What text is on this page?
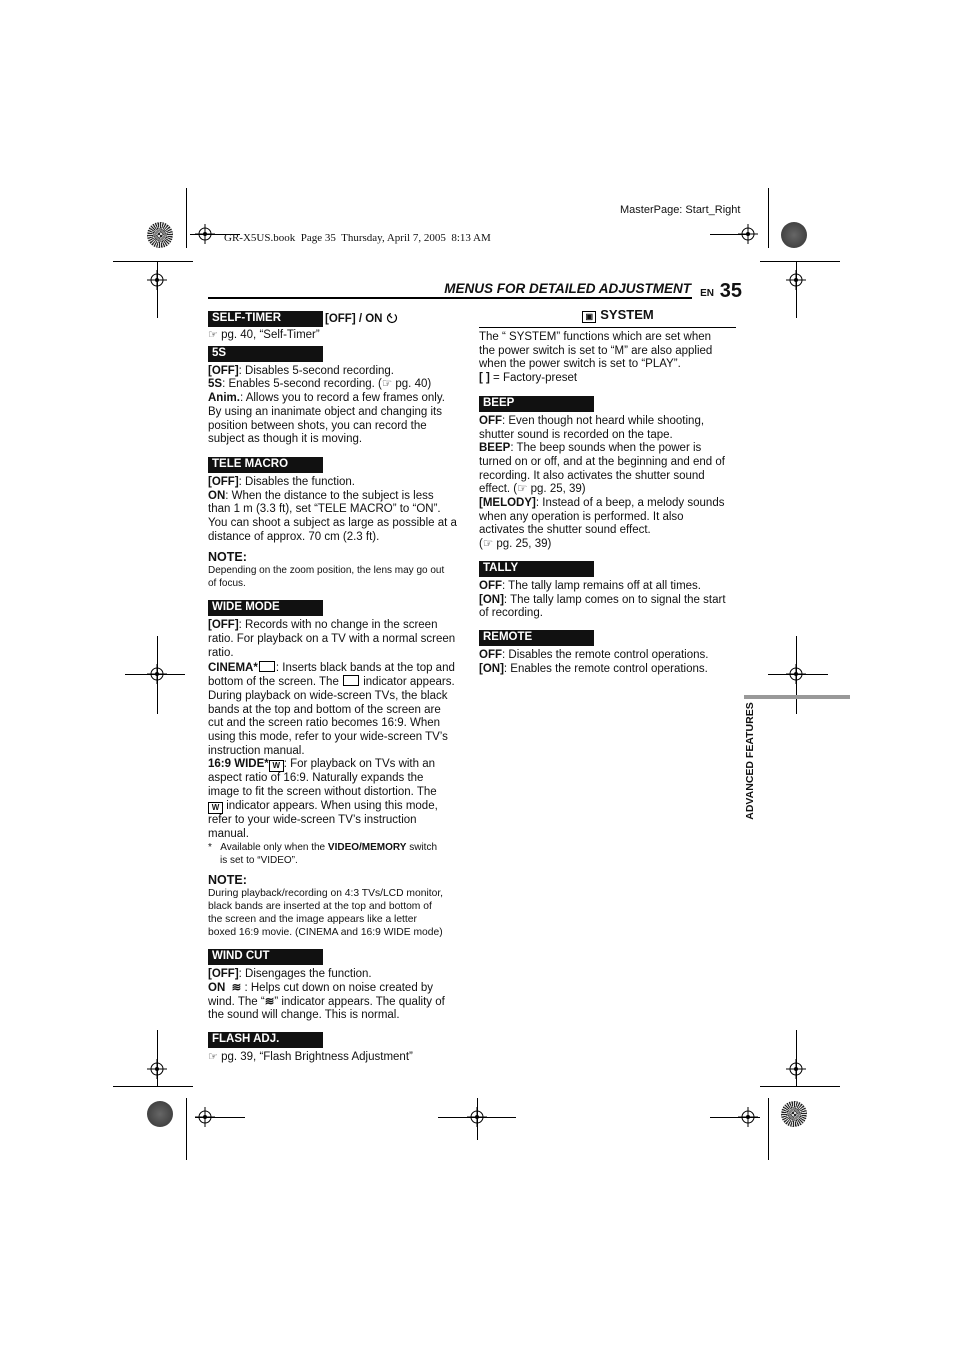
MasterPage: Start_Right
GR-X5US.book  Page 35  Thursday, April 7, 2005  8:13 AM
MENUS FOR DETAILED ADJUSTMENT EN 35
ADVANCED FEATURES
SELF-TIMER	[OFF] / ON
☞ pg. 40, “Self-Timer”
5S
[OFF]: Disables 5-second recording.
5S: Enables 5-second recording. (☞ pg. 40)
Anim.: Allows you to record a few frames only.
By using an inanimate object and changing its
position between shots, you can record the
subject as though it is moving.
TELE MACRO
[OFF]: Disables the function.
ON: When the distance to the subject is less
than 1 m (3.3 ft), set “TELE MACRO” to “ON”.
You can shoot a subject as large as possible at a
distance of approx. 70 cm (2.3 ft).
NOTE:
Depending on the zoom position, the lens may go out
of focus.
WIDE MODE
[OFF]: Records with no change in the screen
ratio. For playback on a TV with a normal screen
ratio.
CINEMA* : Inserts black bands at the top and
bottom of the screen. The  indicator appears.
During playback on wide-screen TVs, the black
bands at the top and bottom of the screen are
cut and the screen ratio becomes 16:9. When
using this mode, refer to your wide-screen TV’s
instruction manual.
16:9 WIDE* W : For playback on TVs with an
aspect ratio of 16:9. Naturally expands the
image to fit the screen without distortion. The
W indicator appears. When using this mode,
refer to your wide-screen TV’s instruction
manual.
*   Available only when the VIDEO/MEMORY switch
is set to “VIDEO”.
NOTE:
During playback/recording on 4:3 TVs/LCD monitor,
black bands are inserted at the top and bottom of
the screen and the image appears like a letter
boxed 16:9 movie. (CINEMA and 16:9 WIDE mode)
WIND CUT
[OFF]: Disengages the function.
ON ≋ : Helps cut down on noise created by
wind. The “≋” indicator appears. The quality of
the sound will change. This is normal.
FLASH ADJ.
☞ pg. 39, “Flash Brightness Adjustment”
▣ SYSTEM
The “ SYSTEM” functions which are set when
the power switch is set to “M” are also applied
when the power switch is set to “PLAY”.
[ ] = Factory-preset
BEEP
OFF: Even though not heard while shooting,
shutter sound is recorded on the tape.
BEEP: The beep sounds when the power is
turned on or off, and at the beginning and end of
recording. It also activates the shutter sound
effect. (☞ pg. 25, 39)
[MELODY]: Instead of a beep, a melody sounds
when any operation is performed. It also
activates the shutter sound effect.
(☞ pg. 25, 39)
TALLY
OFF: The tally lamp remains off at all times.
[ON]: The tally lamp comes on to signal the start
of recording.
REMOTE
OFF: Disables the remote control operations.
[ON]: Enables the remote control operations.
